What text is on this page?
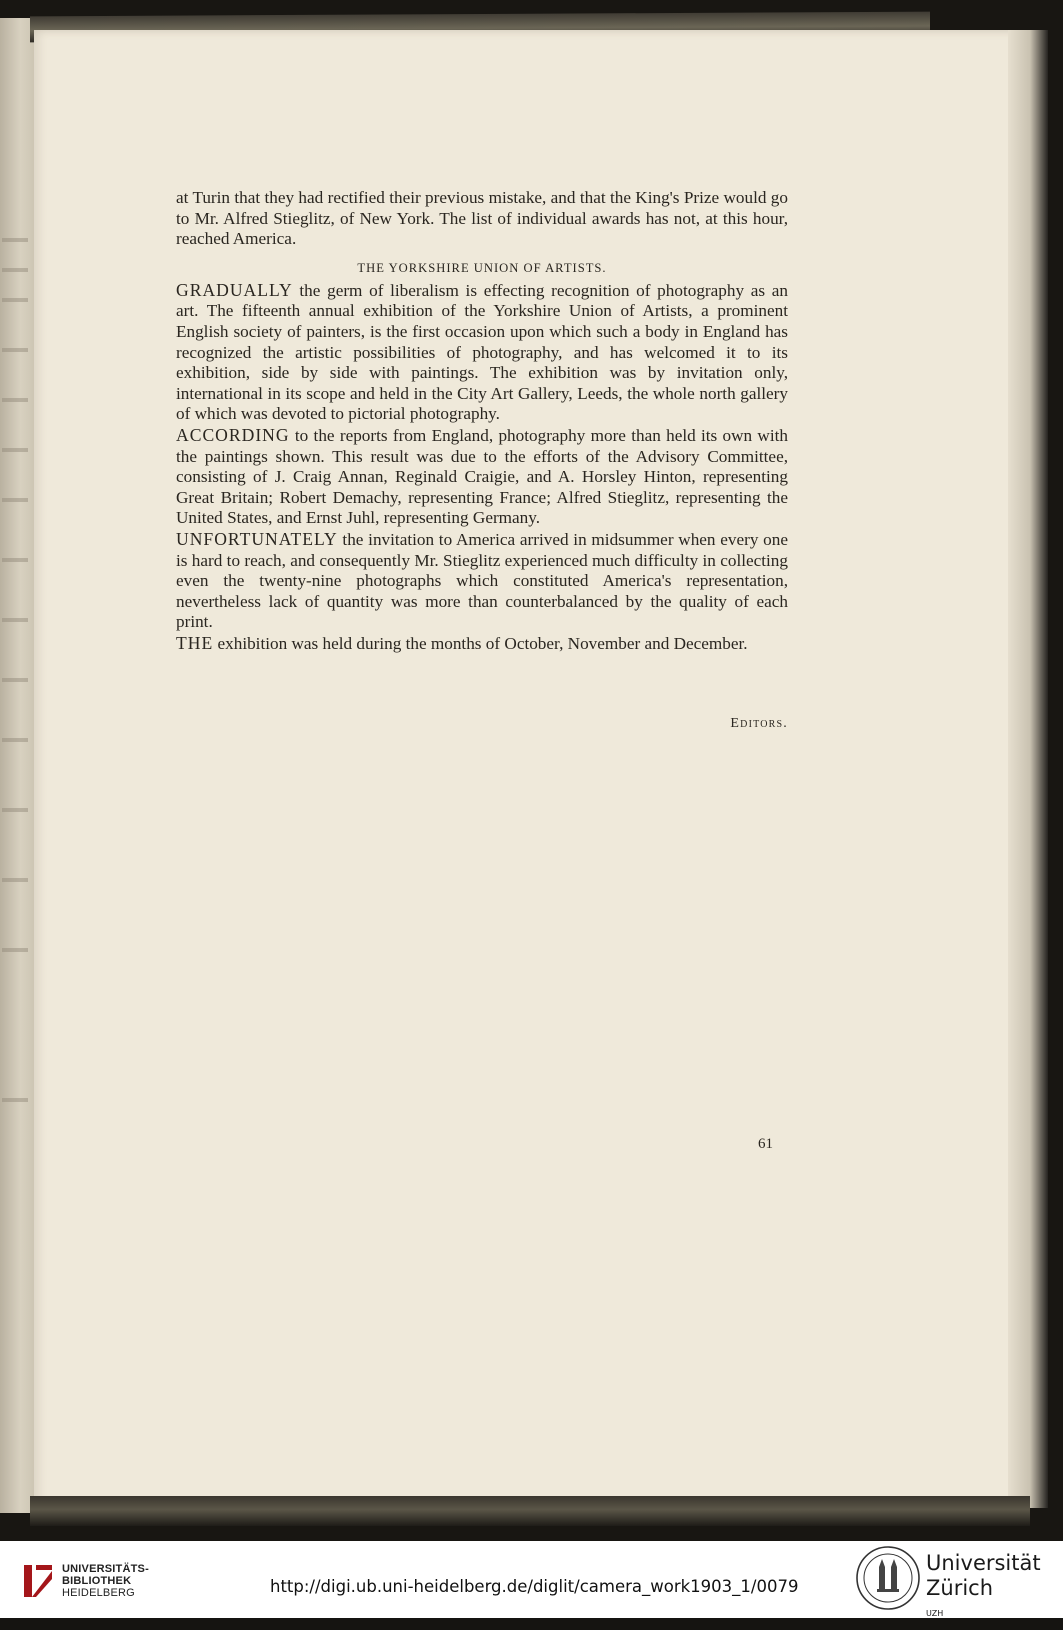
at Turin that they had rectified their previous mistake, and that the King's Prize would go to Mr. Alfred Stieglitz, of New York. The list of individual awards has not, at this hour, reached America.

THE YORKSHIRE UNION OF ARTISTS.

GRADUALLY the germ of liberalism is effecting recognition of photography as an art. The fifteenth annual exhibition of the Yorkshire Union of Artists, a prominent English society of painters, is the first occasion upon which such a body in England has recognized the artistic possibilities of photography, and has welcomed it to its exhibition, side by side with paintings. The exhibition was by invitation only, international in its scope and held in the City Art Gallery, Leeds, the whole north gallery of which was devoted to pictorial photography.

ACCORDING to the reports from England, photography more than held its own with the paintings shown. This result was due to the efforts of the Advisory Committee, consisting of J. Craig Annan, Reginald Craigie, and A. Horsley Hinton, representing Great Britain; Robert Demachy, representing France; Alfred Stieglitz, representing the United States, and Ernst Juhl, representing Germany.

UNFORTUNATELY the invitation to America arrived in midsummer when every one is hard to reach, and consequently Mr. Stieglitz experienced much difficulty in collecting even the twenty-nine photographs which constituted America's representation, nevertheless lack of quantity was more than counterbalanced by the quality of each print.

THE exhibition was held during the months of October, November and December.

Editors.
61
UNIVERSITÄTS-
BIBLIOTHEK
HEIDELBERG	http://digi.ub.uni-heidelberg.de/diglit/camera_work1903_1/0079
Universität
Zürich
$^{UZH}$
